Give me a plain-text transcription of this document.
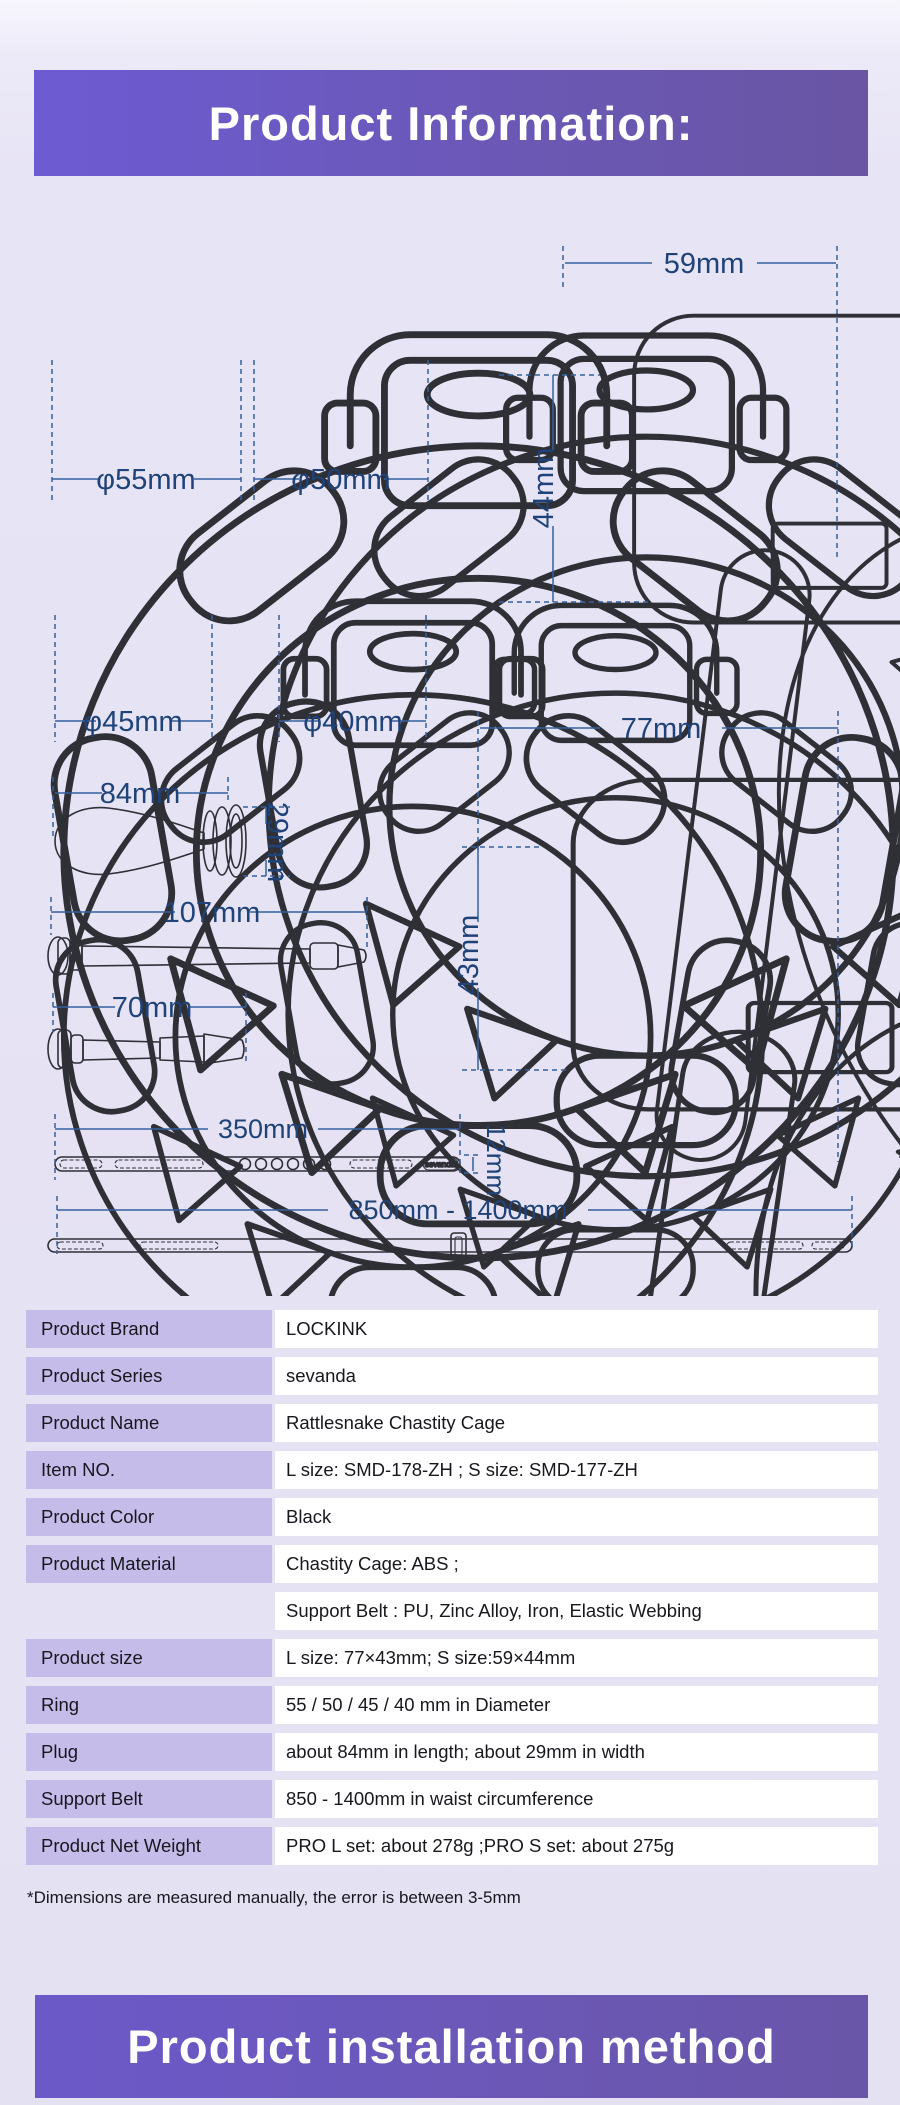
Product Information:
φ55mm	φ50mm
φ45mm	φ40mm
59mm
44mm
77mm
43mm
84mm
29mm
107mm
70mm
sevanda
350mm	12mm
850mm - 1400mm
Product Brand	LOCKINK
Product Series	sevanda
Product Name	Rattlesnake Chastity Cage
Item NO.	L size: SMD-178-ZH ; S size: SMD-177-ZH
Product Color	Black
Product Material	Chastity Cage: ABS ;
Support Belt : PU, Zinc Alloy, Iron, Elastic Webbing
Product size	L size: 77×43mm; S size:59×44mm
Ring	55 / 50 / 45 / 40 mm in Diameter
Plug	about 84mm in length; about 29mm in width
Support Belt	850 - 1400mm in waist circumference
Product Net Weight	PRO L set: about 278g ;PRO S set: about 275g
*Dimensions are measured manually, the error is between 3-5mm
Product installation method
